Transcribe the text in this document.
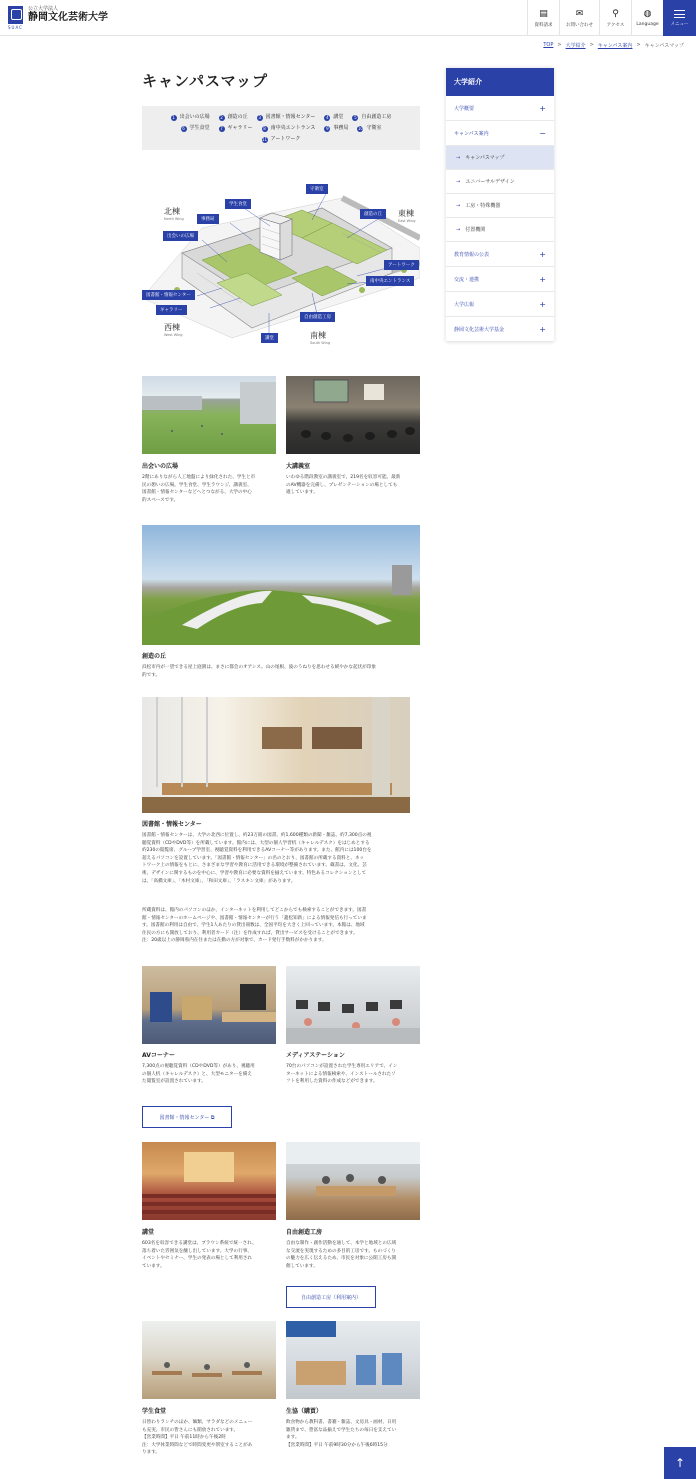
公立大学法人
静岡文化芸術大学
SUAC
▤
資料請求
✉
お問い合わせ
⚲
アクセス
◍
Language	メニュー
TOP > 大学紹介 > キャンパス案内 > キャンパスマップ
キャンパスマップ
1 出会いの広場	2 創造の丘	3 図書館・情報センター	4 講堂	5 自由創造工房
6 学生食堂	7 ギャラリー	8 南中央エントランス	9 事務局 10 守衛室
11 アートワーク
守衛室
学生食堂
事務局
出会いの広場
創造の丘
アートワーク
南中央エントランス
図書館・情報センター
ギャラリー
自由創造工房
講堂
北棟
North Wing
東棟
East Wing
西棟
West Wing	南棟
South Wing
大学紹介
大学概要	+
キャンパス案内	−
→ キャンパスマップ
→ ユニバーサルデザイン
→ 工房・特殊機器
→ 付置機関
教育情報の公表	+
交流・連携	+
大学広報	+
静岡文化芸術大学基金	+
出会いの広場
2階にありながら人工地盤により緑化された、学生と市
民の憩いの広場。学生食堂、学生ラウンジ、講義室、
図書館・情報センターなどへとつながる、大学の中心
的スペースです。
大講義室
いわゆる階段教室の講義室で、219名を収容可能。最新
のAV機器を完備し、プレゼンテーションの場としても
適しています。
創造の丘
浜松市内が一望できる屋上庭園は、まさに都会のオアシス。山の尾根、波のうねりを思わせる緩やかな起伏が印象
的です。
図書館・情報センター
図書館・情報センターは、大学の北西に位置し、約23万冊の図書、約1,600種類の新聞・雑誌、約7,300点の視
聴覚資料（CDやDVD等）を所蔵しています。館内には、大型の個人学習机（キャレルデスク）をはじめとする
約230の閲覧席、グループ学習室、視聴覚資料を利用できるAVコーナー等があります。また、館内には100台を
超えるパソコンを設置しています。「図書館・情報センター」の名のとおり、図書館の所蔵する資料と、ネッ
トワーク上の情報をもとに、さまざまな学習や教育に活用できる環境が整備されています。蔵書は、文化、芸
術、デザインに関するものを中心に、学習や教育に必要な資料を揃えています。特色あるコレクションとして
は、「高橋文庫」、「木村文庫」、「和田文庫」、「ラスキン文庫」があります。
所蔵資料は、館内のパソコンのほか、インターネットを利用してどこからでも検索することができます。図書
館・情報センターのホームページや、図書館・情報センターが行う「蓋松知新」による情報発信も行っていま
す。図書館の利用は自由で、学生1人あたりの貸出冊数は、全国平均を大きく上回っています。本館は、地域
住民の方にも開放しており、利用者カード（注）を作成すれば、貸出サービスを受けることができます。
注：20歳以上の静岡県内在住または在勤の方が対象で、カード発行手数料がかかります。
AVコーナー
7,300点の視聴覚資料（CDやDVD等）があり、視聴用
の個人机（キャレルデスク）と、大型モニターを備え
た閲覧室が設置されています。
メディアステーション
70台のパソコンが設置された学生専用エリアで、イン
ターネットによる情報検索や、インストールされたソ
フトを利用した資料の作成などができます。
図書館・情報センター ⧉
講堂
603名を収容できる講堂は、ブラウン系統で統一され、
落ち着いた雰囲気を醸し出しています。大学の行事、
イベントやセミナー、学生の発表の場として利用され
ています。
自由創造工房
自由な制作・創作活動を通して、本学と地域との広域
な交流を実現するための多目的工房です。ものづくり
の魅力を広く伝えるため、市民を対象に公開工房も開
催しています。
自由創造工房（利用案内）
学生食堂
日替わりランチのほか、麺類、サラダなどのメニュー
も充実。市民の皆さんにも開放されています。
【営業時間】平日 午前11時から午後2時
注：大学休業時間などで時間変更や閉室することがあ
ります。
生協（購買）
飲食物から教科書、書籍・雑誌、文房具・画材、日用
雑貨まで、豊富な品揃えで学生たちの毎日を支えてい
ます。
【営業時間】平日 午前9時30分から午後6時15分
↑
